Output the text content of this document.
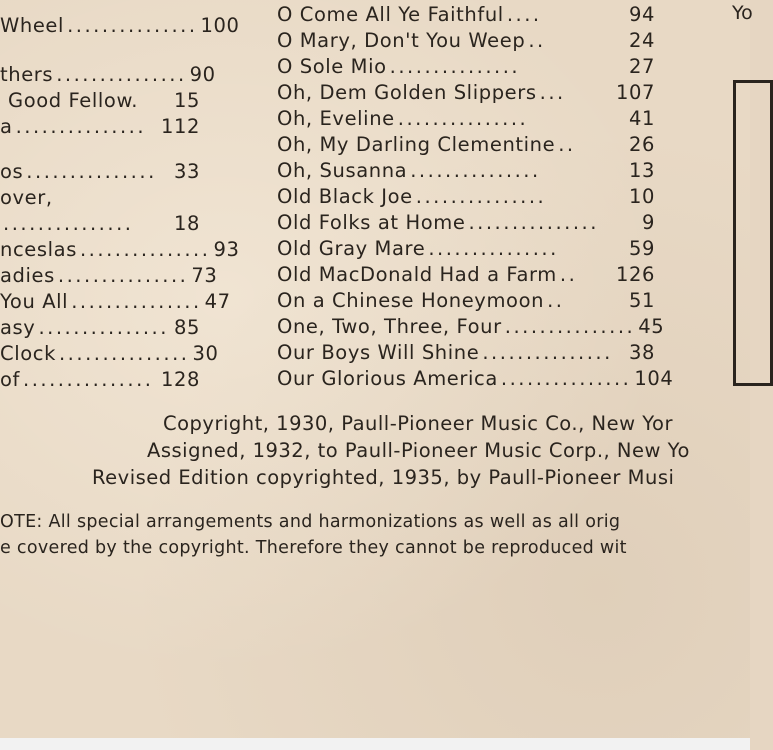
Wheel ............... 100
thers ............... 90
Good Fellow. 15
a ............... 112
os ............... 33
over,
...............	18
nceslas ............... 93
adies ............... 73
You All ............... 47
asy ............... 85
Clock ............... 30
of ............... 128
O Come All Ye Faithful ....	94
O Mary, Don't You Weep ..	24
O Sole Mio ...............	27
Oh, Dem Golden Slippers ...	107
Oh, Eveline ...............	41
Oh, My Darling Clementine ..	26
Oh, Susanna ...............	13
Old Black Joe ...............	10
Old Folks at Home ...............	9
Old Gray Mare ...............	59
Old MacDonald Had a Farm ..	126
On a Chinese Honeymoon ..	51
One, Two, Three, Four ............... 45
Our Boys Will Shine ............... 38
Our Glorious America ............... 104
Yo
Copyright, 1930, Paull-Pioneer Music Co., New Yor
Assigned, 1932, to Paull-Pioneer Music Corp., New Yo
Revised Edition copyrighted, 1935, by Paull-Pioneer Musi
OTE: All special arrangements and harmonizations as well as all orig
e covered by the copyright. Therefore they cannot be reproduced wit
